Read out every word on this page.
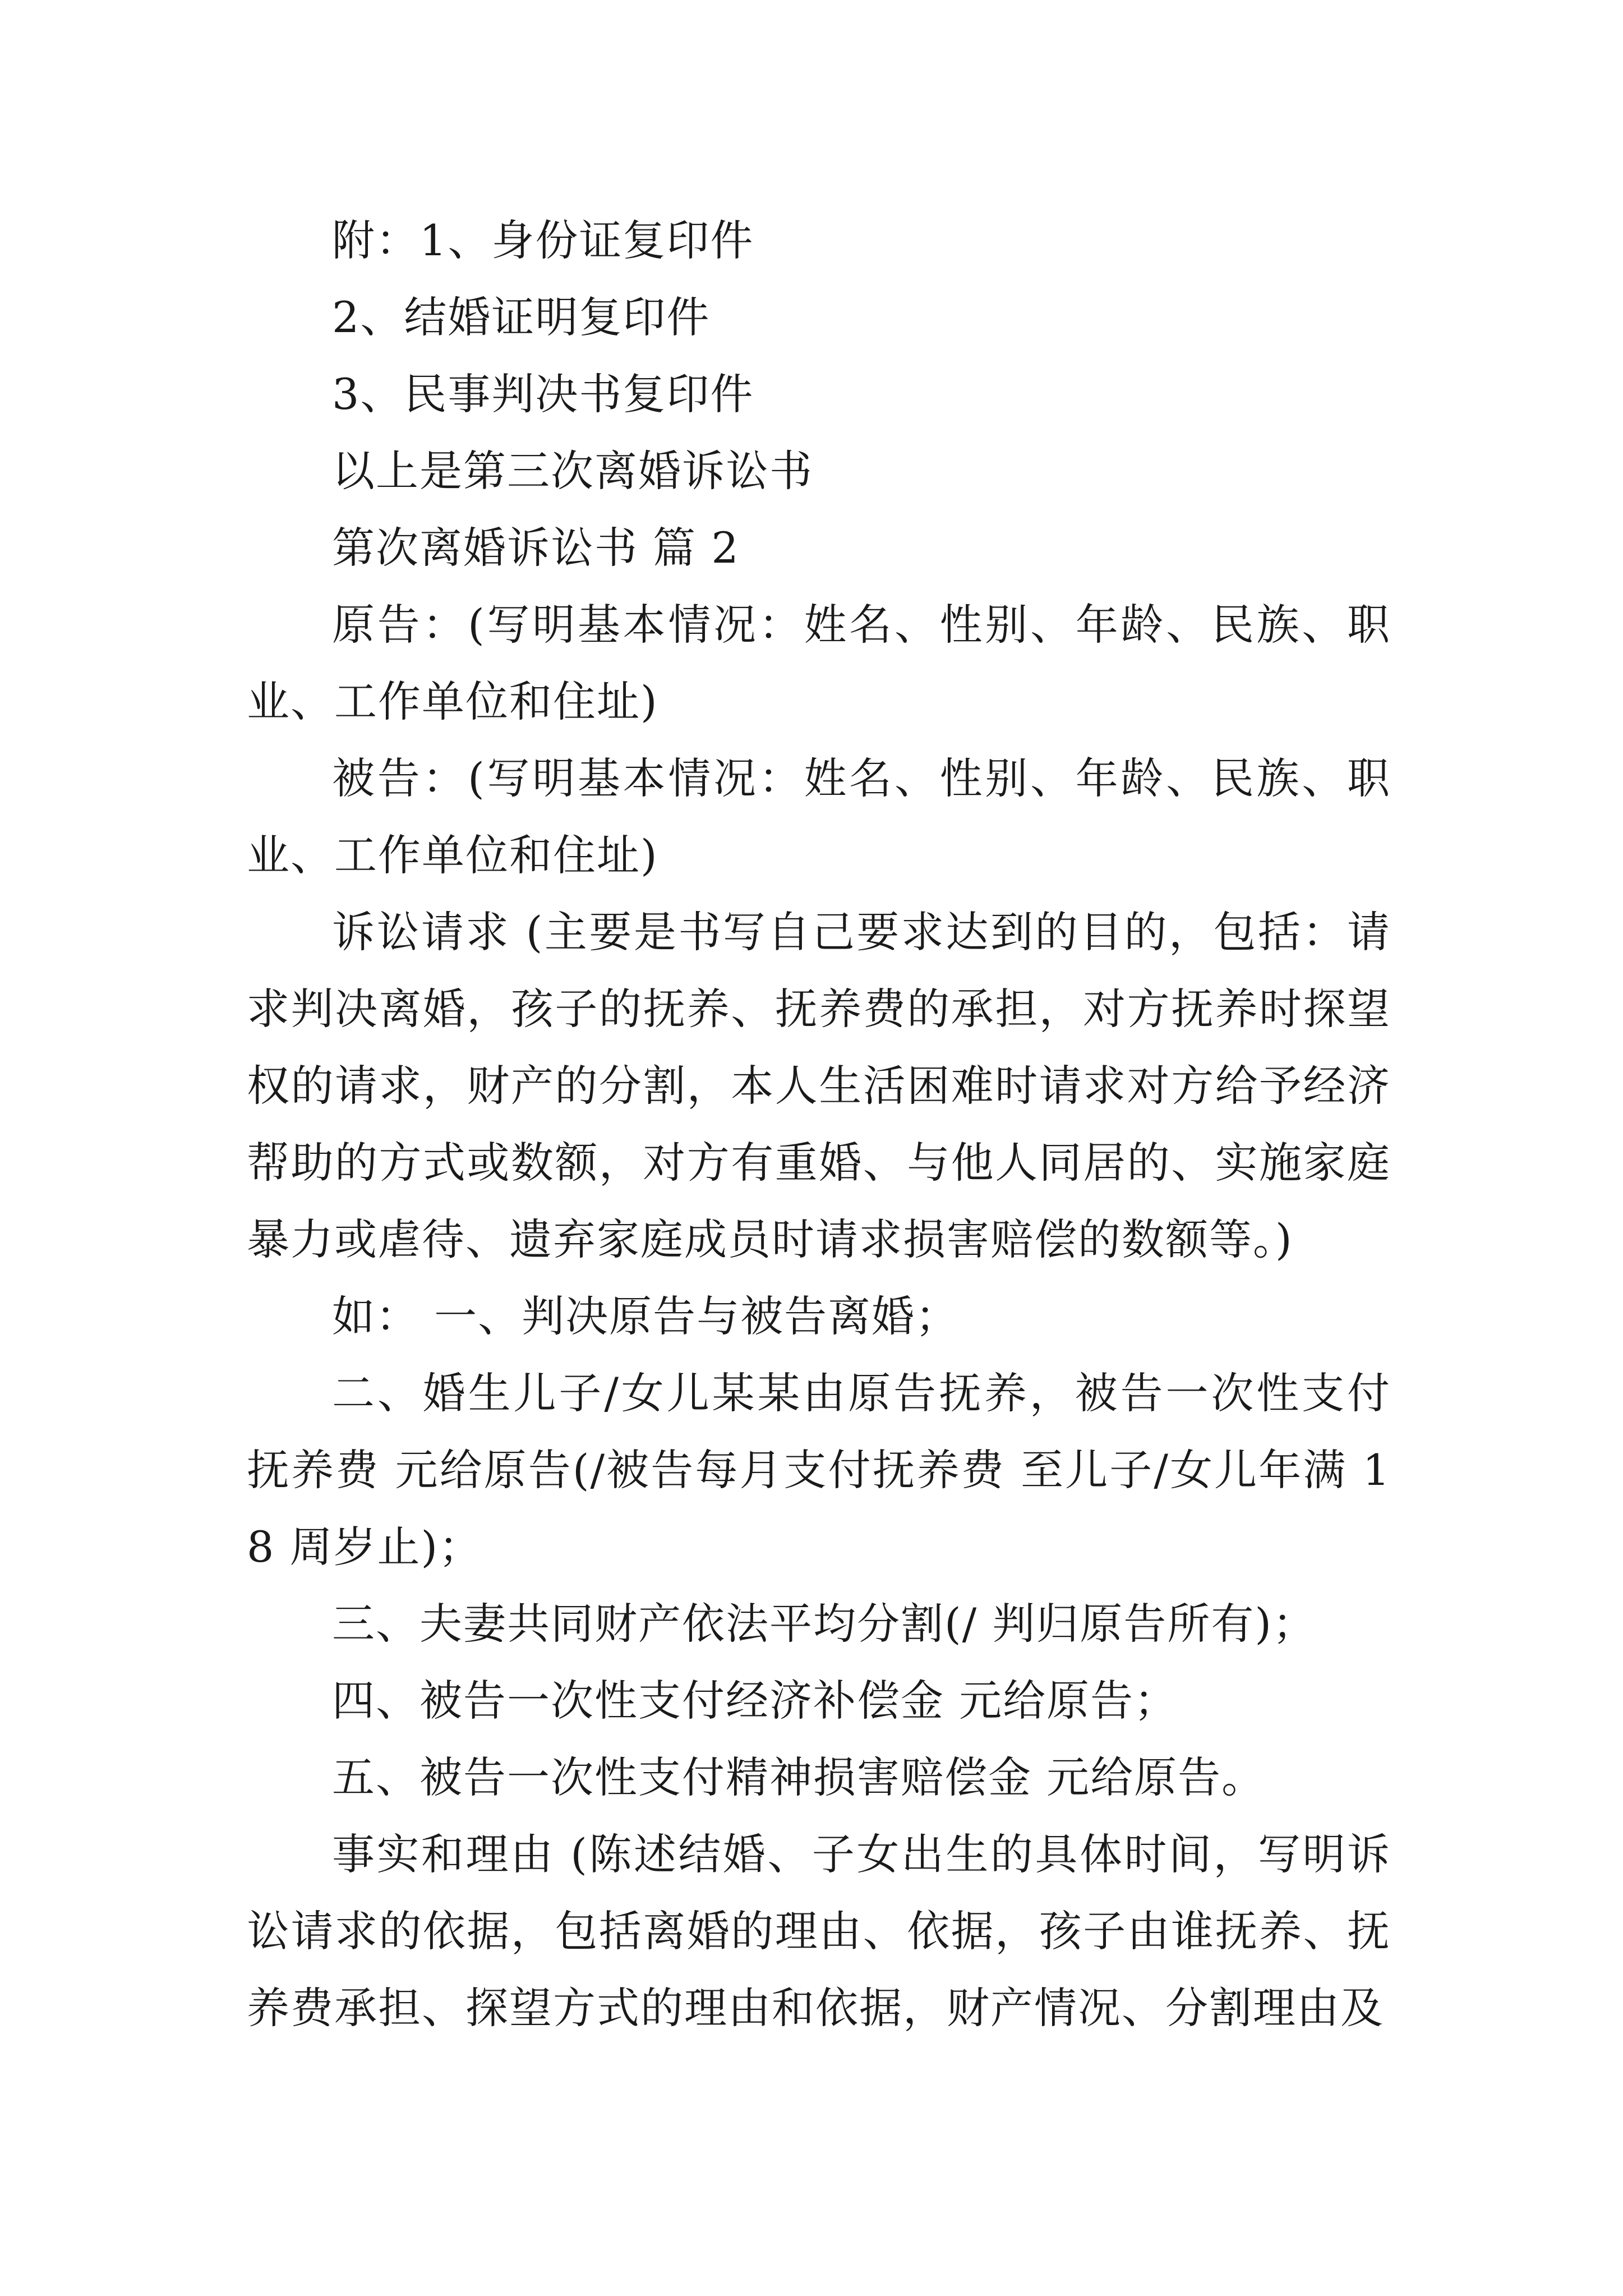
附：1、身份证复印件

2、结婚证明复印件

3、民事判决书复印件

以上是第三次离婚诉讼书

第次离婚诉讼书 篇 2

原告：(写明基本情况：姓名、性别、年龄、民族、职业、工作单位和住址)

被告：(写明基本情况：姓名、性别、年龄、民族、职业、工作单位和住址)

诉讼请求 (主要是书写自己要求达到的目的，包括：请求判决离婚，孩子的抚养、抚养费的承担，对方抚养时探望权的请求，财产的分割，本人生活困难时请求对方给予经济帮助的方式或数额，对方有重婚、与他人同居的、实施家庭暴力或虐待、遗弃家庭成员时请求损害赔偿的数额等。)

如： 一、判决原告与被告离婚；

二、婚生儿子/女儿某某由原告抚养，被告一次性支付抚养费 元给原告(/被告每月支付抚养费 至儿子/女儿年满 18 周岁止)；

三、夫妻共同财产依法平均分割(/ 判归原告所有)；

四、被告一次性支付经济补偿金 元给原告；

五、被告一次性支付精神损害赔偿金 元给原告。

事实和理由 (陈述结婚、子女出生的具体时间，写明诉讼请求的依据，包括离婚的理由、依据，孩子由谁抚养、抚养费承担、探望方式的理由和依据，财产情况、分割理由及
